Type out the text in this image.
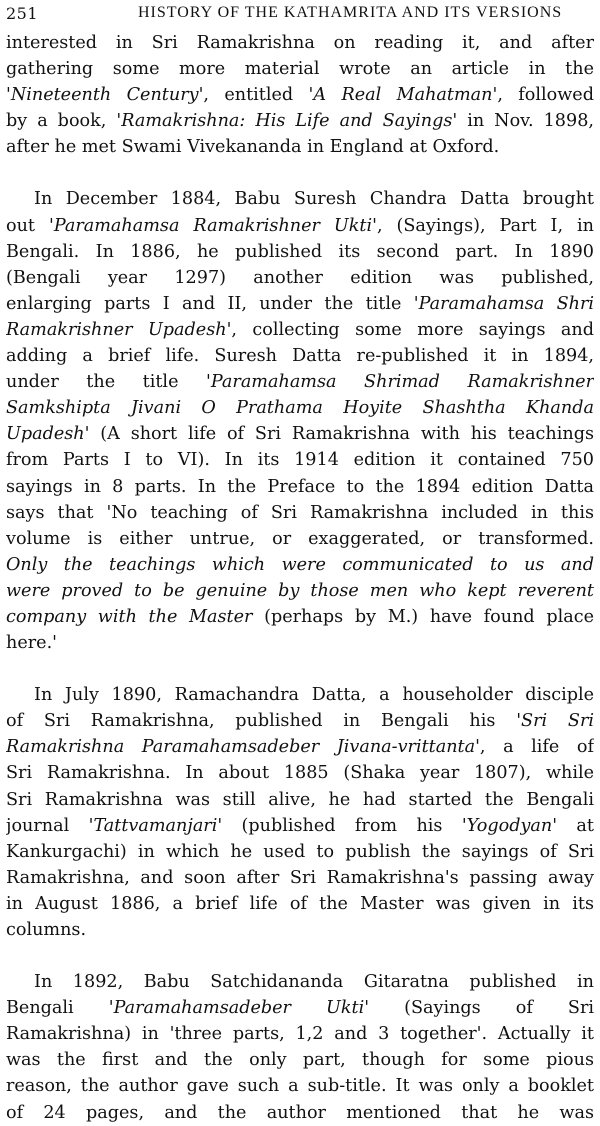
251	HISTORY OF THE KATHAMRITA AND ITS VERSIONS

interested in Sri Ramakrishna on reading it, and after
gathering some more material wrote an article in the
'Nineteenth Century', entitled 'A Real Mahatman', followed
by a book, 'Ramakrishna: His Life and Sayings' in Nov. 1898,
after he met Swami Vivekananda in England at Oxford.

In December 1884, Babu Suresh Chandra Datta brought
out 'Paramahamsa Ramakrishner Ukti', (Sayings), Part I, in
Bengali. In 1886, he published its second part. In 1890
(Bengali year 1297) another edition was published,
enlarging parts I and II, under the title 'Paramahamsa Shri
Ramakrishner Upadesh', collecting some more sayings and
adding a brief life. Suresh Datta re-published it in 1894,
under the title 'Paramahamsa Shrimad Ramakrishner
Samkshipta Jivani O Prathama Hoyite Shashtha Khanda
Upadesh' (A short life of Sri Ramakrishna with his teachings
from Parts I to VI). In its 1914 edition it contained 750
sayings in 8 parts. In the Preface to the 1894 edition Datta
says that 'No teaching of Sri Ramakrishna included in this
volume is either untrue, or exaggerated, or transformed.
Only the teachings which were communicated to us and
were proved to be genuine by those men who kept reverent
company with the Master (perhaps by M.) have found place
here.'

In July 1890, Ramachandra Datta, a householder disciple
of Sri Ramakrishna, published in Bengali his 'Sri Sri
Ramakrishna Paramahamsadeber Jivana-vrittanta', a life of
Sri Ramakrishna. In about 1885 (Shaka year 1807), while
Sri Ramakrishna was still alive, he had started the Bengali
journal 'Tattvamanjari' (published from his 'Yogodyan' at
Kankurgachi) in which he used to publish the sayings of Sri
Ramakrishna, and soon after Sri Ramakrishna's passing away
in August 1886, a brief life of the Master was given in its
columns.

In 1892, Babu Satchidananda Gitaratna published in
Bengali 'Paramahamsadeber Ukti' (Sayings of Sri
Ramakrishna) in 'three parts, 1,2 and 3 together'. Actually it
was the first and the only part, though for some pious
reason, the author gave such a sub-title. It was only a booklet
of 24 pages, and the author mentioned that he was
